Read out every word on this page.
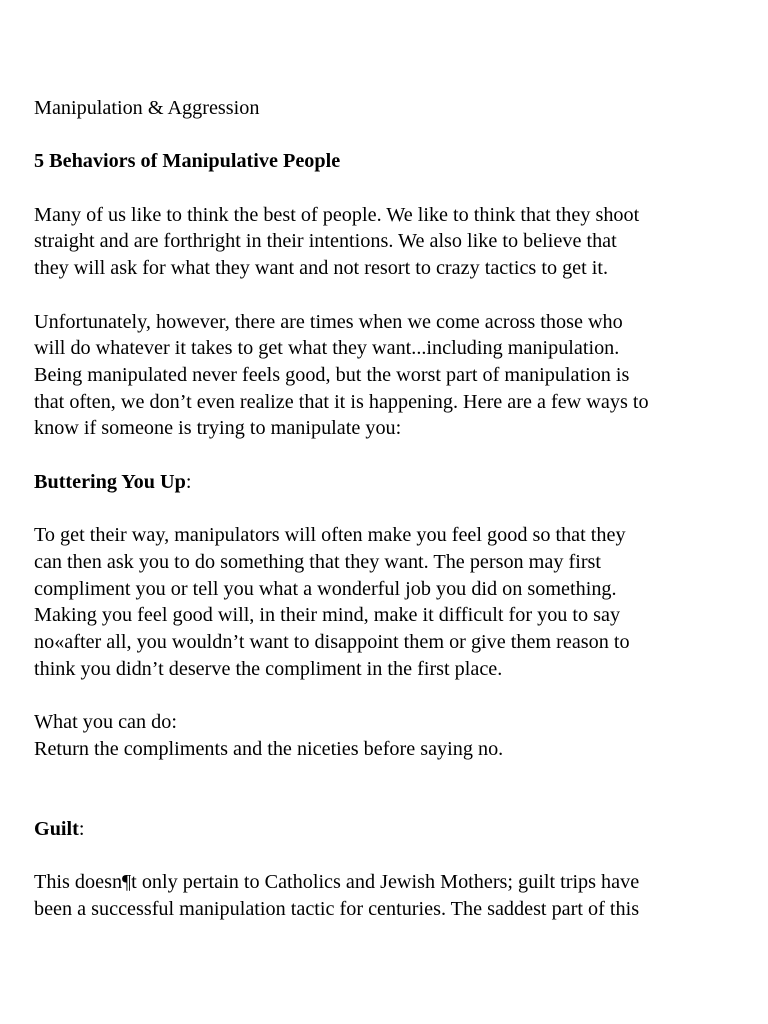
Manipulation & Aggression

5 Behaviors of Manipulative People

Many of us like to think the best of people. We like to think that they shoot
straight and are forthright in their intentions. We also like to believe that
they will ask for what they want and not resort to crazy tactics to get it.

Unfortunately, however, there are times when we come across those who
will do whatever it takes to get what they want...including manipulation.
Being manipulated never feels good, but the worst part of manipulation is
that often, we don’t even realize that it is happening. Here are a few ways to
know if someone is trying to manipulate you:

Buttering You Up:

To get their way, manipulators will often make you feel good so that they
can then ask you to do something that they want. The person may first
compliment you or tell you what a wonderful job you did on something.
Making you feel good will, in their mind, make it difficult for you to say
no«after all, you wouldn’t want to disappoint them or give them reason to
think you didn’t deserve the compliment in the first place.

What you can do:
Return the compliments and the niceties before saying no.

Guilt:

This doesn¶t only pertain to Catholics and Jewish Mothers; guilt trips have
been a successful manipulation tactic for centuries. The saddest part of this
